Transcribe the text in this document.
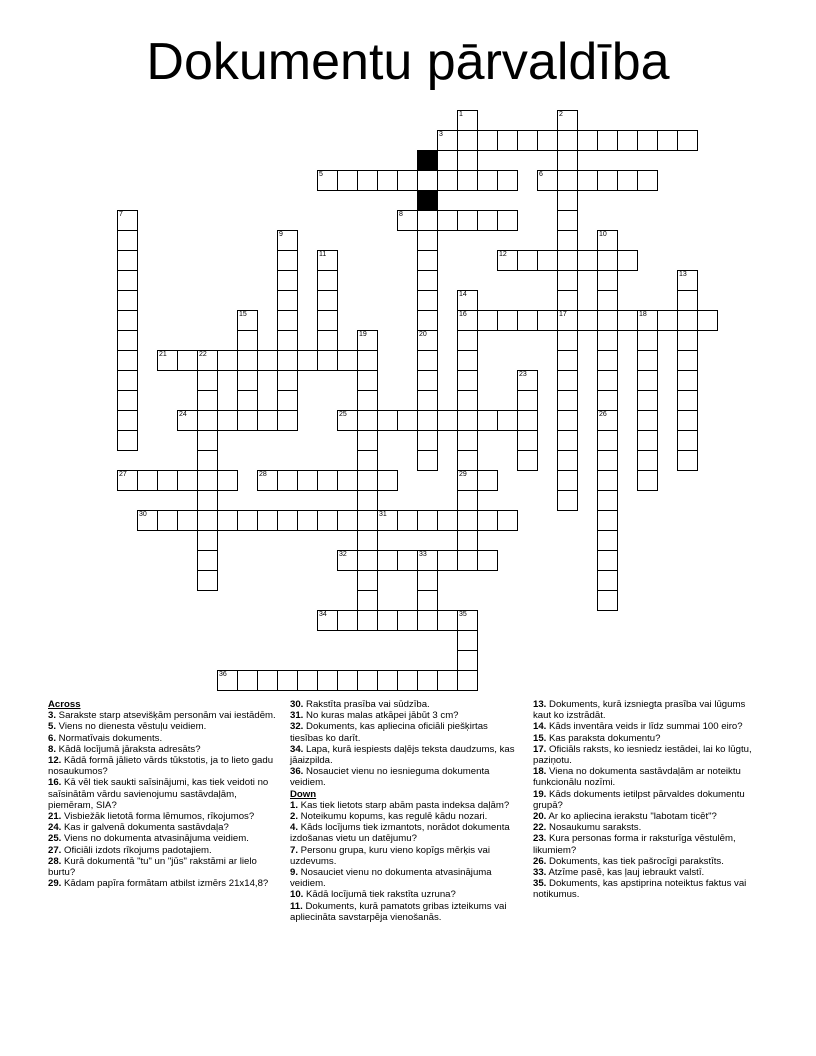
Dokumentu pārvaldība
1	2
3
4
5	6
7	8
9	10
11	12
13
14
15	16	17	18
19	20
21	22
23
24	25	26
27	28	29
30	31
32	33
34	35
36
Across
3. Sarakste starp atsevišķām personām vai iestādēm.
5. Viens no dienesta vēstuļu veidiem.
6. Normatīvais dokuments.
8. Kādā locījumā jāraksta adresāts?
12. Kādā formā jālieto vārds tūkstotis, ja to lieto gadu nosaukumos?
16. Kā vēl tiek saukti saīsinājumi, kas tiek veidoti no saīsinātām vārdu savienojumu sastāvdaļām, piemēram, SIA?
21. Visbiežāk lietotā forma lēmumos, rīkojumos?
24. Kas ir galvenā dokumenta sastāvdaļa?
25. Viens no dokumenta atvasinājuma veidiem.
27. Oficiāli izdots rīkojums padotajiem.
28. Kurā dokumentā "tu" un "jūs" rakstāmi ar lielo burtu?
29. Kādam papīra formātam atbilst izmērs 21x14,8?
30. Rakstīta prasība vai sūdzība.
31. No kuras malas atkāpei jābūt 3 cm?
32. Dokuments, kas apliecina oficiāli piešķirtas tiesības ko darīt.
34. Lapa, kurā iespiests daļējs teksta daudzums, kas jāaizpilda.
36. Nosauciet vienu no iesnieguma dokumenta veidiem.
Down
1. Kas tiek lietots starp abām pasta indeksa daļām?
2. Noteikumu kopums, kas regulē kādu nozari.
4. Kāds locījums tiek izmantots, norādot dokumenta izdošanas vietu un datējumu?
7. Personu grupa, kuru vieno kopīgs mērķis vai uzdevums.
9. Nosauciet vienu no dokumenta atvasinājuma veidiem.
10. Kādā locījumā tiek rakstīta uzruna?
11. Dokuments, kurā pamatots gribas izteikums vai apliecināta savstarpēja vienošanās.
13. Dokuments, kurā izsniegta prasība vai lūgums kaut ko izstrādāt.
14. Kāds inventāra veids ir līdz summai 100 eiro?
15. Kas paraksta dokumentu?
17. Oficiāls raksts, ko iesniedz iestādei, lai ko lūgtu, paziņotu.
18. Viena no dokumenta sastāvdaļām ar noteiktu funkcionālu nozīmi.
19. Kāds dokuments ietilpst pārvaldes dokumentu grupā?
20. Ar ko apliecina ierakstu "labotam ticēt"?
22. Nosaukumu saraksts.
23. Kura personas forma ir raksturīga vēstulēm, likumiem?
26. Dokuments, kas tiek pašrocīgi parakstīts.
33. Atzīme pasē, kas ļauj iebraukt valstī.
35. Dokuments, kas apstiprina noteiktus faktus vai notikumus.
